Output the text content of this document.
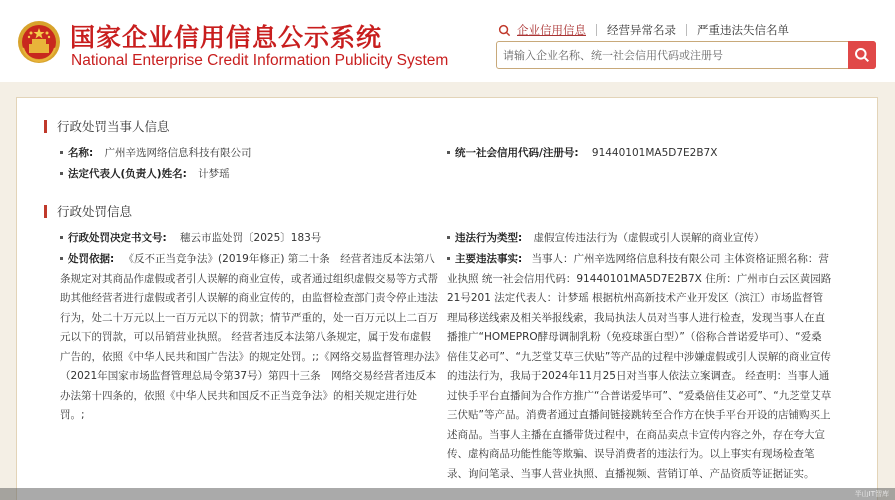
国家企业信用信息公示系统
National Enterprise Credit Information Publicity System
企业信用信息	经营异常名录	严重违法失信名单
请输入企业名称、统一社会信用代码或注册号
行政处罚当事人信息
名称: 广州辛选网络信息科技有限公司	统一社会信用代码/注册号: 91440101MA5D7E2B7X
法定代表人(负责人)姓名: 计梦瑶
行政处罚信息
行政处罚决定书文号: 穗云市监处罚〔2025〕183号	违法行为类型: 虚假宣传违法行为（虚假或引人误解的商业宣传）
处罚依据: 《反不正当竞争法》(2019年修正) 第二十条　经营者违反本法第八条规定对其商品作虚假或者引人误解的商业宣传，或者通过组织虚假交易等方式帮助其他经营者进行虚假或者引人误解的商业宣传的，由监督检查部门责令停止违法行为，处二十万元以上一百万元以下的罚款；情节严重的，处一百万元以上二百万元以下的罚款，可以吊销营业执照。 经营者违反本法第八条规定，属于发布虚假广告的，依照《中华人民共和国广告法》的规定处罚。;;《网络交易监督管理办法》（2021年国家市场监督管理总局令第37号）第四十三条　网络交易经营者违反本办法第十四条的，依照《中华人民共和国反不正当竞争法》的相关规定进行处罚。;
主要违法事实: 当事人：广州辛选网络信息科技有限公司 主体资格证照名称：营业执照 统一社会信用代码：91440101MA5D7E2B7X 住所：广州市白云区黄园路21号201 法定代表人：计梦瑶 根据杭州高新技术产业开发区（滨江）市场监督管理局移送线索及相关举报线索，我局执法人员对当事人进行检查，发现当事人在直播推广“HOMEPRO酵母调制乳粉（免疫球蛋白型）”（俗称合普诺爱毕可）、“爱桑倍佳艾必可”、“九芝堂艾草三伏贴”等产品的过程中涉嫌虚假或引人误解的商业宣传的违法行为，我局于2024年11月25日对当事人依法立案调查。 经查明：当事人通过快手平台直播间为合作方推广“合普诺爱毕可”、“爱桑倍佳艾必可”、“九芝堂艾草三伏贴”等产品。消费者通过直播间链接跳转至合作方在快手平台开设的店铺购买上述商品。当事人主播在直播带货过程中，在商品卖点卡宣传内容之外，存在夸大宣传、虚构商品功能性能等欺骗、误导消费者的违法行为。以上事实有现场检查笔录、询问笔录、当事人营业执照、直播视频、营销订单、产品资质等证据证实。
半山IT智库
